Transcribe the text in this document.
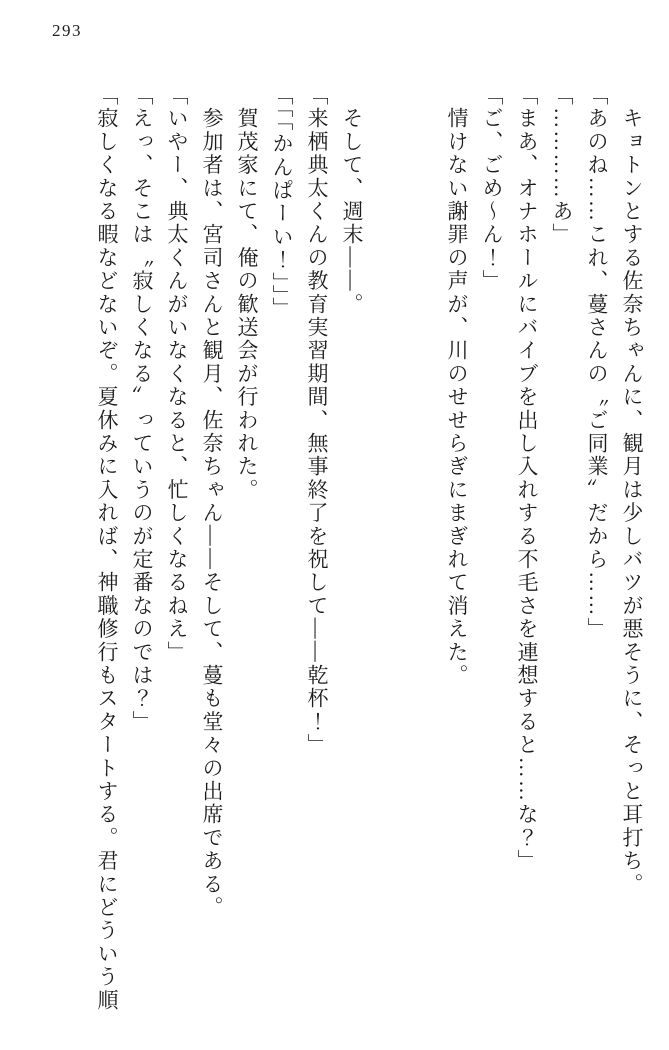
293

　キョトンとする佐奈ちゃんに、観月は少しバツが悪そうに、そっと耳打ち。

「あのね……これ、蔓さんの〝ご同業〟だから……」

「…………あ」

「まあ、オナホールにバイブを出し入れする不毛さを連想すると……な？」

「ご、ごめ〜ん！」

　情けない謝罪の声が、川のせせらぎにまぎれて消えた。

　そして、週末――。

「来栖典太くんの教育実習期間、無事終了を祝して――乾杯！」

「「「かんぱーい！」」」

　賀茂家にて、俺の歓送会が行われた。

　参加者は、宮司さんと観月、佐奈ちゃん――そして、蔓も堂々の出席である。

「いやー、典太くんがいなくなると、忙しくなるねえ」

「えっ、そこは〝寂しくなる〟っていうのが定番なのでは？」

「寂しくなる暇などないぞ。夏休みに入れば、神職修行もスタートする。君にどういう順
